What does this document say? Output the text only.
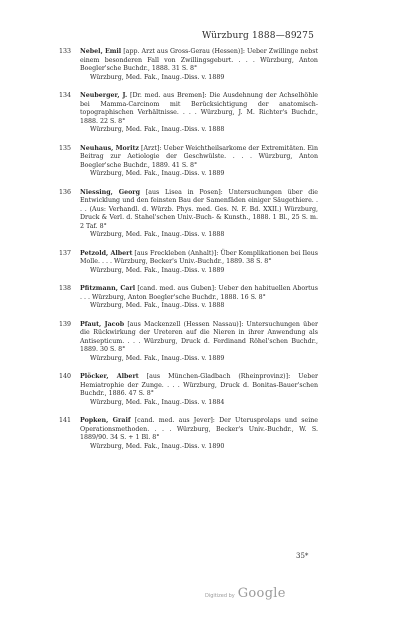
Würzburg 1888—89 275
133 Nebel, Emil [app. Arzt aus Gross-Gerau (Hessen)]: Ueber Zwillinge nebst einem besonderen Fall von Zwillingsgeburt. . . . Würzburg, Anton Boegler'sche Buchdr., 1888. 31 S. 8°
Würzburg, Med. Fak., Inaug.-Diss. v. 1889
134 Neuberger, J. [Dr. med. aus Bremen]: Die Ausdehnung der Achselhöhle bei Mamma-Carcinom mit Berücksichtigung der anatomisch-topographischen Verhältnisse. . . . Würzburg, J. M. Richter's Buchdr., 1888. 22 S. 8°
Würzburg, Med. Fak., Inaug.-Diss. v. 1888
135 Neuhaus, Moritz [Arzt]: Ueber Weichtheilsarkome der Extremitäten. Ein Beitrag zur Aetiologie der Geschwülste. . . . Würzburg, Anton Boegler'sche Buchdr., 1889. 41 S. 8°
Würzburg, Med. Fak., Inaug.-Diss. v. 1889
136 Niessing, Georg [aus Lisea in Posen]: Untersuchungen über die Entwicklung und den feinsten Bau der Samenfäden einiger Säugethiere. . . . (Aus: Verhandl. d. Würzb. Phys. med. Ges. N. F. Bd. XXII.) Würzburg, Druck & Verl. d. Stahel'schen Univ.-Buch- & Kunsth., 1888. 1 Bl., 25 S. m. 2 Taf. 8°
Würzburg, Med. Fak., Inaug.-Diss. v. 1888
137 Petzold, Albert [aus Freckleben (Anhalt)]: Über Komplikationen bei Ileus Molle. . . . Würzburg, Becker's Univ.-Buchdr., 1889. 38 S. 8°
Würzburg, Med. Fak., Inaug.-Diss. v. 1889
138 Pfitzmann, Carl [cand. med. aus Guben]: Ueber den habituellen Abortus . . . Würzburg, Anton Boegler'sche Buchdr., 1888. 16 S. 8°
Würzburg, Med. Fak., Inaug.-Diss. v. 1888
139 Pfaut, Jacob [aus Mackenzell (Hessen Nassau)]: Untersuchungen über die Rückwirkung der Ureteren auf die Nieren in ihrer Anwendung als Antisepticum. . . . Würzburg, Druck d. Ferdinand Röhel'schen Buchdr., 1889. 30 S. 8°
Würzburg, Med. Fak., Inaug.-Diss. v. 1889
140 Plöcker, Albert [aus München-Gladbach (Rheinprovinz)]: Ueber Hemiatrophie der Zunge. . . . Würzburg, Druck d. Bonitas-Bauer'schen Buchdr., 1886. 47 S. 8°
Würzburg, Med. Fak., Inaug.-Diss. v. 1884
141 Popken, Graif [cand. med. aus Jever]: Der Uterusprolaps und seine Operationsmethoden. . . . Würzburg, Becker's Univ.-Buchdr., W. S. 1889/90. 34 S. + 1 Bl. 8°
Würzburg, Med. Fak., Inaug.-Diss. v. 1890
35*
Digitized by Google
